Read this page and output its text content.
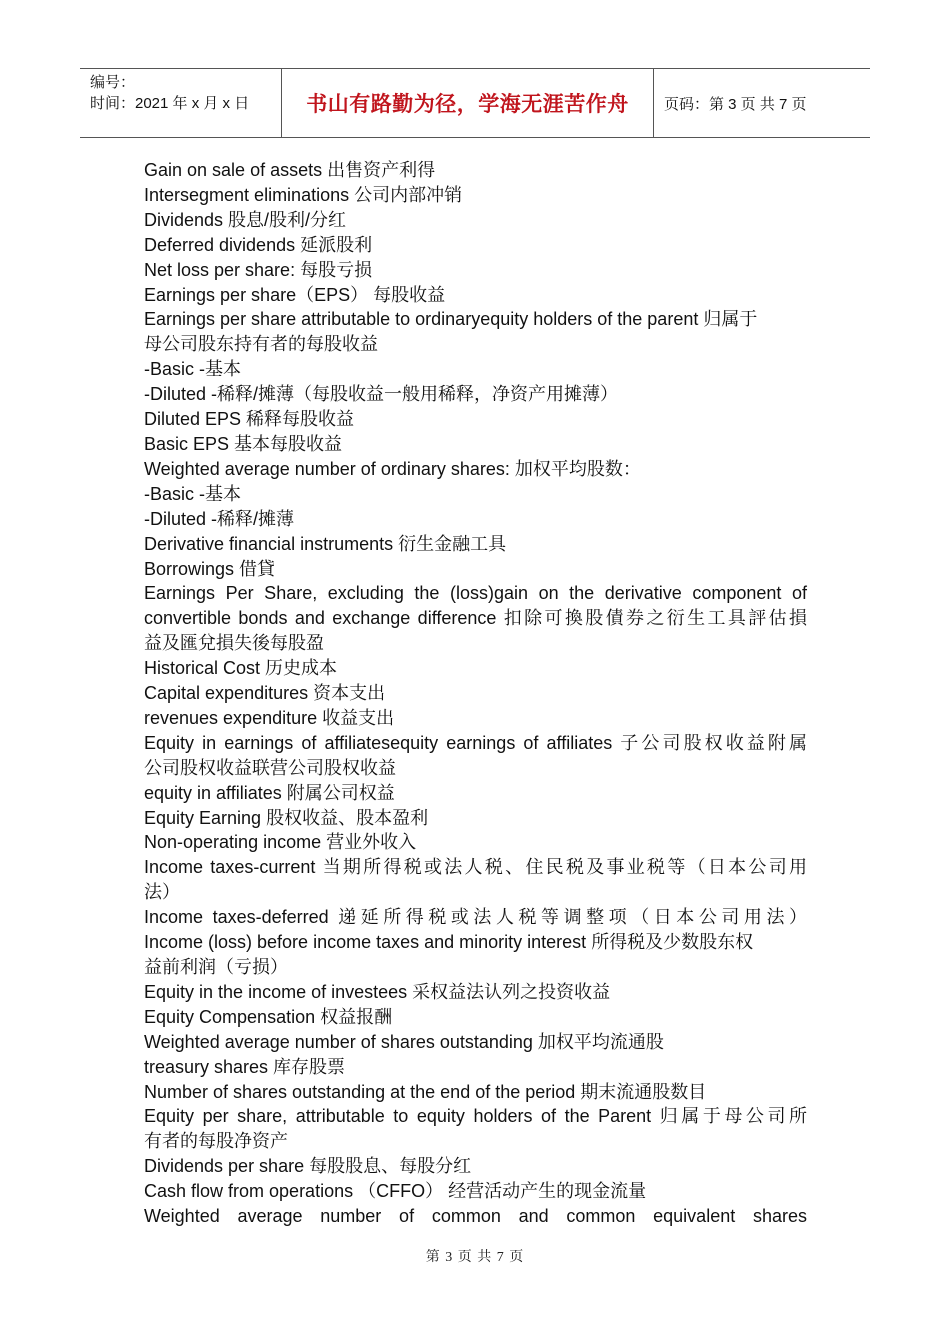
编号：
时间：2021 年 x 月 x 日	书山有路勤为径，学海无涯苦作舟	页码：第 3 页 共 7 页
Gain on sale of assets 出售资产利得
Intersegment eliminations 公司内部冲销
Dividends 股息/股利/分红
Deferred dividends 延派股利
Net loss per share: 每股亏损
Earnings per share（EPS） 每股收益
Earnings per share attributable to ordinaryequity holders of the parent 归属于
母公司股东持有者的每股收益
-Basic -基本
-Diluted -稀释/摊薄（每股收益一般用稀释，净资产用摊薄）
Diluted EPS 稀释每股收益
Basic EPS 基本每股收益
Weighted average number of ordinary shares: 加权平均股数：
-Basic -基本
-Diluted -稀释/摊薄
Derivative financial instruments 衍生金融工具
Borrowings 借貸
Earnings Per Share, excluding the (loss)gain on the derivative component of
convertible bonds and exchange difference 扣除可換股債券之衍生工具評估損
益及匯兌損失後每股盈
Historical Cost 历史成本
Capital expenditures 资本支出
revenues expenditure 收益支出
Equity in earnings of affiliatesequity earnings of affiliates 子公司股权收益附属
公司股权收益联营公司股权收益
equity in affiliates 附属公司权益
Equity Earning 股权收益、股本盈利
Non-operating income 营业外收入
Income taxes-current 当期所得税或法人税、住民税及事业税等（日本公司用
法）
Income taxes-deferred 递延所得税或法人税等调整项（日本公司用法）
Income (loss) before income taxes and minority interest 所得税及少数股东权
益前利润（亏损）
Equity in the income of investees 采权益法认列之投资收益
Equity Compensation 权益报酬
Weighted average number of shares outstanding 加权平均流通股
treasury shares 库存股票
Number of shares outstanding at the end of the period 期末流通股数目
Equity per share, attributable to equity holders of the Parent 归属于母公司所
有者的每股净资产
Dividends per share 每股股息、每股分红
Cash flow from operations （CFFO） 经营活动产生的现金流量
Weighted average number of common and common equivalent shares
第 3 页 共 7 页
